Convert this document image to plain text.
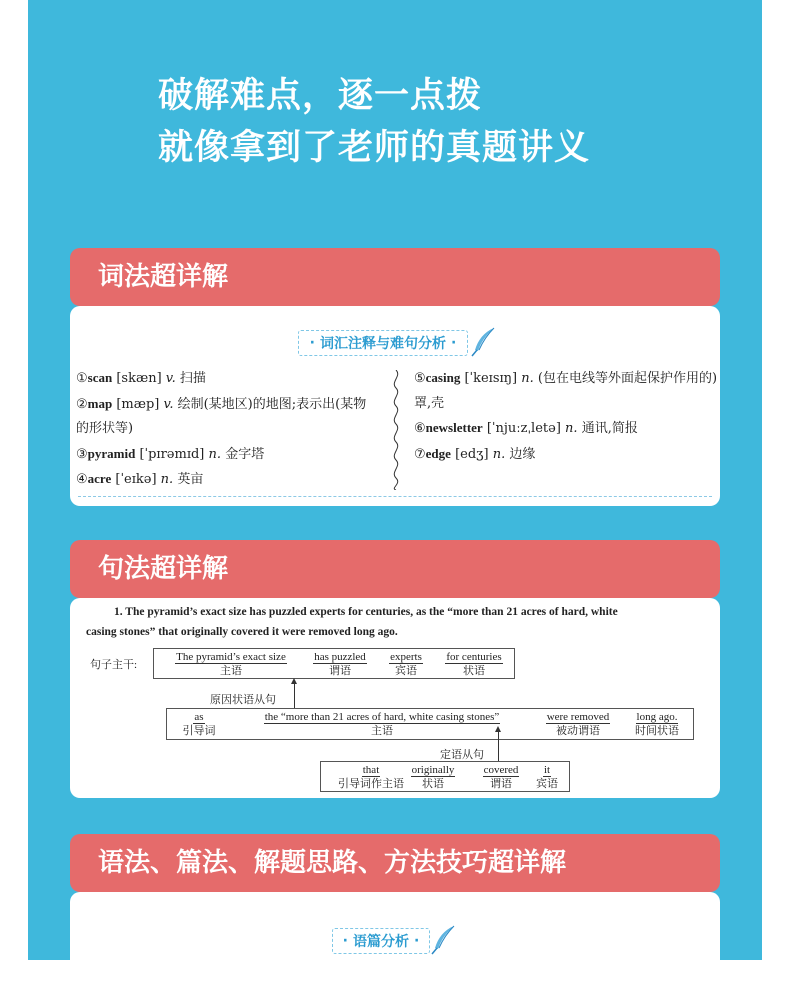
破解难点，逐一点拨
就像拿到了老师的真题讲义
词法超详解
· 词汇注释与难句分析 ·
①scan [skæn] v. 扫描
②map [mæp] v. 绘制(某地区)的地图;表示出(某物
的形状等)
③pyramid [ˈpɪrəmɪd] n. 金字塔
④acre [ˈeɪkə] n. 英亩
⑤casing [ˈkeɪsɪŋ] n. (包在电线等外面起保护作用的)
罩,壳
⑥newsletter [ˈnjuːzˌletə] n. 通讯,简报
⑦edge [edʒ] n. 边缘
句法超详解
1. The pyramid’s exact size has puzzled experts for centuries, as the “more than 21 acres of hard, white
casing stones” that originally covered it were removed long ago.
句子主干:
The pyramid’s exact size
主语
has puzzled
谓语
experts
宾语
for centuries
状语
原因状语从句
as
引导词
the “more than 21 acres of hard, white casing stones”
主语
were removed
被动谓语
long ago.
时间状语
定语从句
that
引导词作主语
originally
状语
covered
谓语
it
宾语
语法、篇法、解题思路、方法技巧超详解
· 语篇分析 ·
